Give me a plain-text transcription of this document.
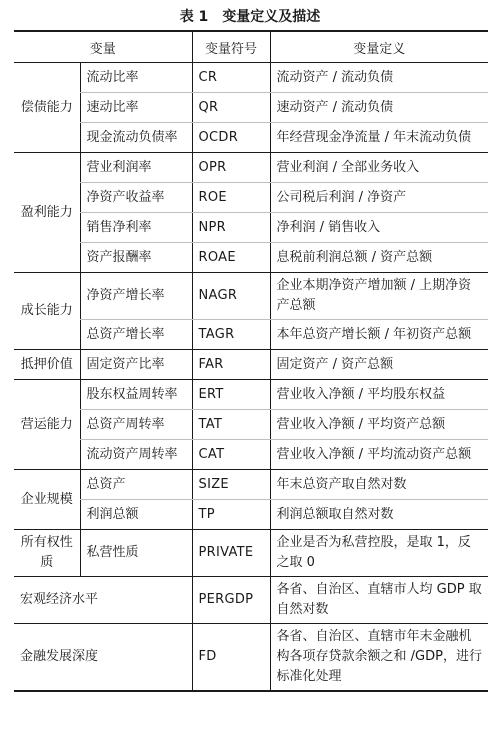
表 1 变量定义及描述
变量		变量符号	变量定义
偿债能力	流动比率	CR	流动资产 / 流动负债
	速动比率	QR	速动资产 / 流动负债
	现金流动负债率	OCDR	年经营现金净流量 / 年末流动负债
盈利能力	营业利润率	OPR	营业利润 / 全部业务收入
	净资产收益率	ROE	公司税后利润 / 净资产
	销售净利率	NPR	净利润 / 销售收入
	资产报酬率	ROAE	息税前利润总额 / 资产总额
成长能力	净资产增长率	NAGR	企业本期净资产增加额 / 上期净资产总额
	总资产增长率	TAGR	本年总资产增长额 / 年初资产总额
抵押价值	固定资产比率	FAR	固定资产 / 资产总额
营运能力	股东权益周转率	ERT	营业收入净额 / 平均股东权益
	总资产周转率	TAT	营业收入净额 / 平均资产总额
	流动资产周转率	CAT	营业收入净额 / 平均流动资产总额
企业规模	总资产	SIZE	年末总资产取自然对数
	利润总额	TP	利润总额取自然对数
所有权性质	私营性质	PRIVATE	企业是否为私营控股，是取 1，反之取 0
宏观经济水平		PERGDP	各省、自治区、直辖市人均 GDP 取自然对数
金融发展深度		FD	各省、自治区、直辖市年末金融机构各项存贷款余额之和 /GDP，进行标准化处理
